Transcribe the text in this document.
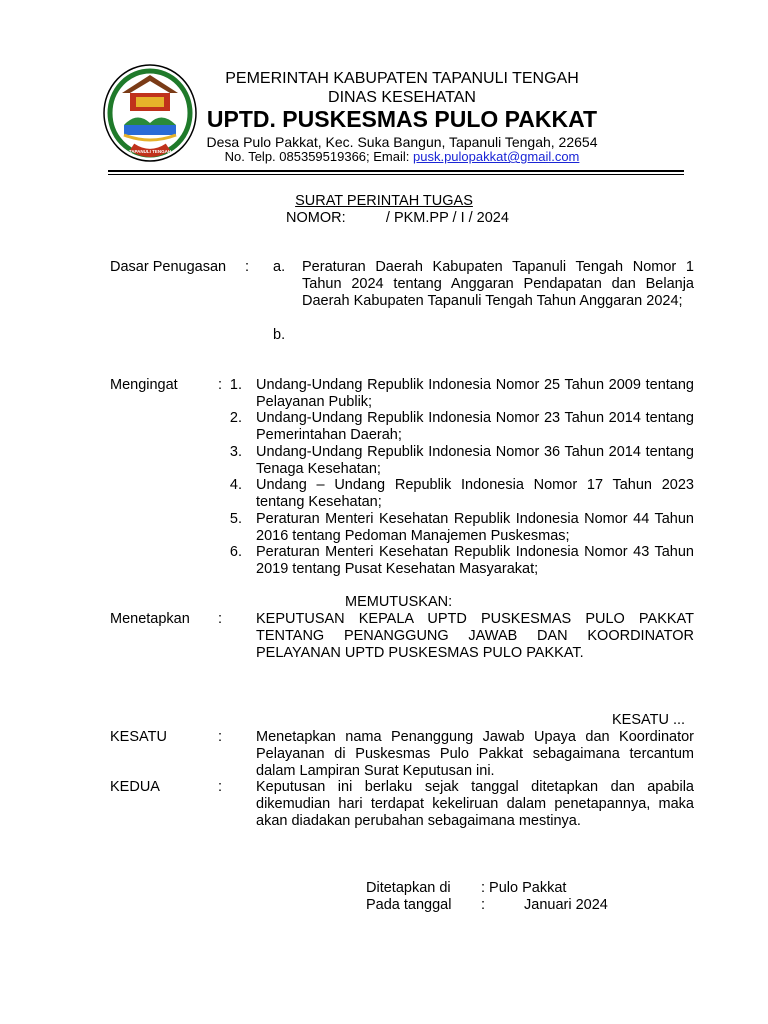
TAPANULI TENGAH
PEMERINTAH KABUPATEN TAPANULI TENGAH
DINAS KESEHATAN
UPTD. PUSKESMAS PULO PAKKAT
Desa Pulo Pakkat, Kec. Suka Bangun, Tapanuli Tengah, 22654
No. Telp. 085359519366; Email: pusk.pulopakkat@gmail.com
SURAT PERINTAH TUGAS
NOMOR:          / PKM.PP / I / 2024
Dasar Penugasan : a. Peraturan Daerah Kabupaten Tapanuli Tengah Nomor 1 Tahun 2024 tentang Anggaran Pendapatan dan Belanja Daerah Kabupaten Tapanuli Tengah Tahun Anggaran 2024;
b.
Mengingat	: 1. Undang-Undang Republik Indonesia Nomor 25 Tahun 2009 tentang Pelayanan Publik;
2. Undang-Undang Republik Indonesia Nomor 23 Tahun 2014 tentang Pemerintahan Daerah;
3. Undang-Undang Republik Indonesia Nomor 36 Tahun 2014 tentang Tenaga Kesehatan;
4. Undang – Undang Republik Indonesia Nomor 17 Tahun 2023 tentang Kesehatan;
5. Peraturan Menteri Kesehatan Republik Indonesia Nomor 44 Tahun 2016 tentang Pedoman Manajemen Puskesmas;
6. Peraturan Menteri Kesehatan Republik Indonesia Nomor 43 Tahun 2019 tentang Pusat Kesehatan Masyarakat;
MEMUTUSKAN:
Menetapkan : KEPUTUSAN KEPALA UPTD PUSKESMAS PULO PAKKAT TENTANG PENANGGUNG JAWAB DAN KOORDINATOR PELAYANAN UPTD PUSKESMAS PULO PAKKAT.
KESATU ...
KESATU	: Menetapkan nama Penanggung Jawab Upaya dan Koordinator Pelayanan di Puskesmas Pulo Pakkat sebagaimana tercantum dalam Lampiran Surat Keputusan ini.
KEDUA	: Keputusan ini berlaku sejak tanggal ditetapkan dan apabila dikemudian hari terdapat kekeliruan dalam penetapannya, maka akan diadakan perubahan sebagaimana mestinya.
Ditetapkan di : Pulo Pakkat
Pada tanggal :	Januari 2024
